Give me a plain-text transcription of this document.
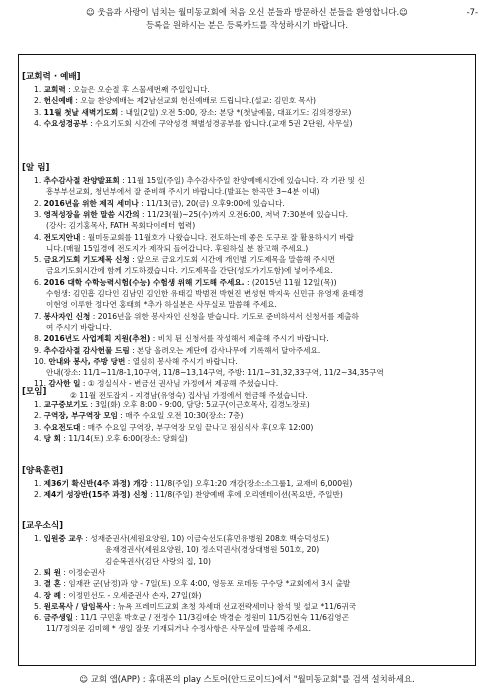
☺ 웃음과 사랑이 넘치는 월미동교회에 처음 오신 분들과 방문하신 분들을 환영합니다.☺	-7-
등록을 원하시는 분은 등록카드를 작성하시기 바랍니다.
[교회력 · 예배]
1. 교회력 : 오늘은 오순절 후 스물세번째 주일입니다.
2. 헌신예배 : 오늘 찬양예배는 제2남선교회 헌신예배로 드립니다.(설교: 김민호 목사)
3. 11월 첫날 새벽기도회 : 내일(2일) 오전 5:00, 장소: 본당 *(첫날예물, 대표기도: 김의경장로)
4. 수요성경공부 : 수요기도회 시간에 구약성경 책별성경공부를 합니다.(교재 5권 2단원, 사무실)
[알 림]
1. 추수감사절 찬양발표회 : 11월 15일(주일) 추수감사주일 찬양예배시간에 있습니다. 각 기관 및 신
흥부부선교회, 청년부에서 잘 준비해 주시기 바랍니다.(발표는 한곡만 3~4분 이내)
2. 2016년을 위한 제직 세미나 : 11/13(금), 20(금) 오후9:00에 있습니다.
3. 영적성장을 위한 말씀 시간의 : 11/23(월)~25(수)까지 오전6:00, 저녁 7:30분에 있습니다.
(강사: 김기홍목사, FATH 목회다이레터 협력)
4. 전도지안내 : 월미동교회를 11월호가 나왔습니다. 전도하는데 좋은 도구로 잘 활용하시기 바랍
니다.(매월 15일경에 전도지가 제작되 들어갑니다. 후원하실 분 참고해 주세요.)
5. 금요기도회 기도제목 신청 : 앞으로 금요기도회 시간에 개인별 기도제목을 말씀해 주시면
금요기도회시간에 함께 기도하겠습니다. 기도제목을 간단(성도가기도함)에 넣어주세요.
6. 2016 대학 수학능력시험(수능) 수험생 위해 기도해 주세요. : (2015년 11월 12일(목))
수험생: 김민흠 김다인 김남민 김인한 유태길 박범전 박현진 변성현 박지욱 신민규 유영재 윤태경
이현영 이루한 정다연 홍태희 *추가 하실분은 사무실로 말씀해 주세요.
7. 봉사자인 신청 : 2016년을 위한 봉사자인 신청을 받습니다. 기도로 준비하셔서 신청서를 제출하
여 주시기 바랍니다.
8. 2016년도 사업계획 지원(추천) : 비치 된 신청서를 작성해서 제출해 주시기 바랍니다.
9. 추수감사절 감사헌물 드림 : 본당 올려오는 계단에 감사나무에 기록해서 달아주세요.
10. 안내와 봉사, 주방 당번 : 열심히 봉사해 주시기 바랍니다.
안내(장소: 11/1~11/8-1,10구역, 11/8~13,14구역, 주방: 11/1~31,32,33구역, 11/2~34,35구역
11. 감사한 일 : ① 정실식사 - 변금선 권사님 가정에서 제공해 주셨습니다.
② 11월 전도잡지 - 지경남(유영숙) 집사님 가정에서 헌금해 주셨습니다.
[모임]
1. 교구중보기도 : 3일(화) 오후 8:00 - 9:00, 담당: 5교구(이근호목사, 김경노장로)
2. 구역장, 부구역장 모임 : 매주 수요일 오전 10:30(장소: 7층)
3. 수요전도대 : 매주 수요일 구역장, 부구역장 모임 끝나고 점심식사 후(오후 12:00)
4. 당 회 : 11/14(토) 오후 6:00(장소: 당회실)
[양육훈련]
1. 제36기 확신반(4주 과정) 개강 : 11/8(주일) 오후1:20 개강(장소:소그룹1, 교재비 6,000원)
2. 제4기 성장반(15주 과정) 신청 : 11/8(주일) 찬양예배 후에 오리엔테이션(목요반, 주일반)
[교우소식]
1. 입원중 교우 : 성재준권사(세원요양원, 10) 이금숙선도(휴먼유병원 208호 백승덕성도)
윤재경권사(세원요양원, 10) 정소덕권사(경상대병원 501호, 20)
김순복권사(김단 사랑의 집, 10)
2. 퇴 원 : 이정순권사
3. 결 혼 : 임재관 군(남정)과 양 - 7일(토) 오후 4:00, 영등포 로데동 구수당 *교회에서 3시 출발
4. 장 례 : 이정민선도 - 오세준권사 손자, 27일(화)
5. 원로목사 / 담임목사 : 뉴욕 프레미드교회 초청 차세대 선교전략세미나 참석 및 설교 *11/6귀국
6. 금주생일 : 11/1 구민훈 박호균 / 전정수 11/3김애순 박경순 정원미 11/5김현숙 11/6김영곤
11/7정의문 김미혜 * 생일 잘못 기재되거나 수정사항은 사무실에 말씀해 주세요.
☺ 교회 앱(APP) : 휴대폰의 play 스토어(안드로이드)에서 "월미동교회"를 검색 설치하세요.
